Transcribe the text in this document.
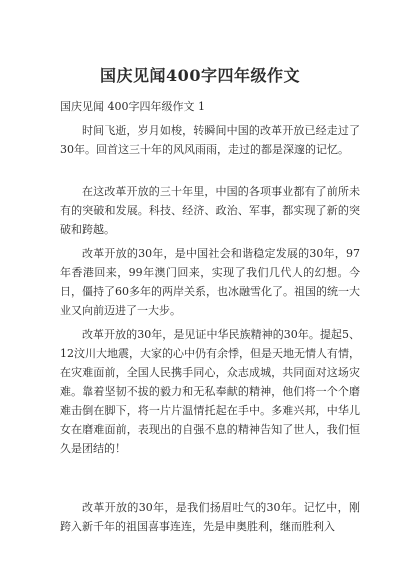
国庆见闻400字四年级作文
国庆见闻 400字四年级作文 1

时间飞逝，岁月如梭，转瞬间中国的改革开放已经走过了30年。回首这三十年的风风雨雨，走过的都是深邃的记忆。

在这改革开放的三十年里，中国的各项事业都有了前所未有的突破和发展。科技、经济、政治、军事，都实现了新的突破和跨越。

改革开放的30年，是中国社会和谐稳定发展的30年，97年香港回来，99年澳门回来，实现了我们几代人的幻想。今日，僵持了60多年的两岸关系，也冰融雪化了。祖国的统一大业又向前迈进了一大步。

改革开放的30年，是见证中华民族精神的30年。提起5、12汶川大地震，大家的心中仍有余悸，但是天地无情人有情，在灾难面前，全国人民携手同心，众志成城，共同面对这场灾难。靠着坚韧不拔的毅力和无私奉献的精神，他们将一个个磨难击倒在脚下，将一片片温情托起在手中。多难兴邦，中华儿女在磨难面前，表现出的自强不息的精神告知了世人，我们恒久是团结的！

改革开放的30年，是我们扬眉吐气的30年。记忆中，刚跨入新千年的祖国喜事连连，先是申奥胜利，继而胜利入
